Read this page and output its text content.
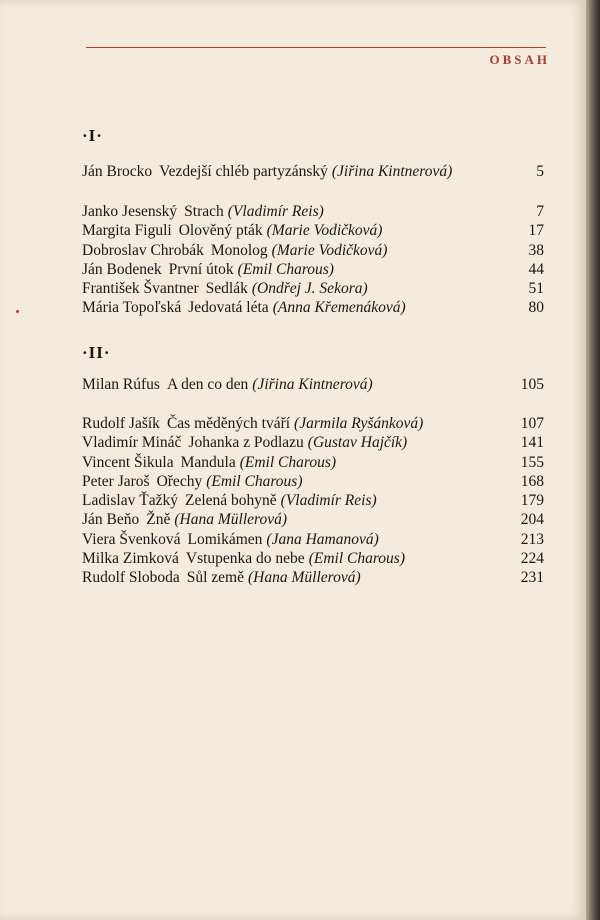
OBSAH
·I·
Ján Brocko Vezdejší chléb partyzánský (Jiřina Kintnerová)	5
Janko Jesenský Strach (Vladimír Reis)	7
Margita Figuli Olověný pták (Marie Vodičková)	17
Dobroslav Chrobák Monolog (Marie Vodičková)	38
Ján Bodenek První útok (Emil Charous)	44
František Švantner Sedlák (Ondřej J. Sekora)	51
Mária Topoľská Jedovatá léta (Anna Křemenáková)	80
·II·
Milan Rúfus A den co den (Jiřina Kintnerová)	105
Rudolf Jašík Čas měděných tváří (Jarmila Ryšánková)	107
Vladimír Mináč Johanka z Podlazu (Gustav Hajčík)	141
Vincent Šikula Mandula (Emil Charous)	155
Peter Jaroš Ořechy (Emil Charous)	168
Ladislav Ťažký Zelená bohyně (Vladimír Reis)	179
Ján Beňo Žně (Hana Müllerová)	204
Viera Švenková Lomikámen (Jana Hamanová)	213
Milka Zimková Vstupenka do nebe (Emil Charous)	224
Rudolf Sloboda Sůl země (Hana Müllerová)	231
